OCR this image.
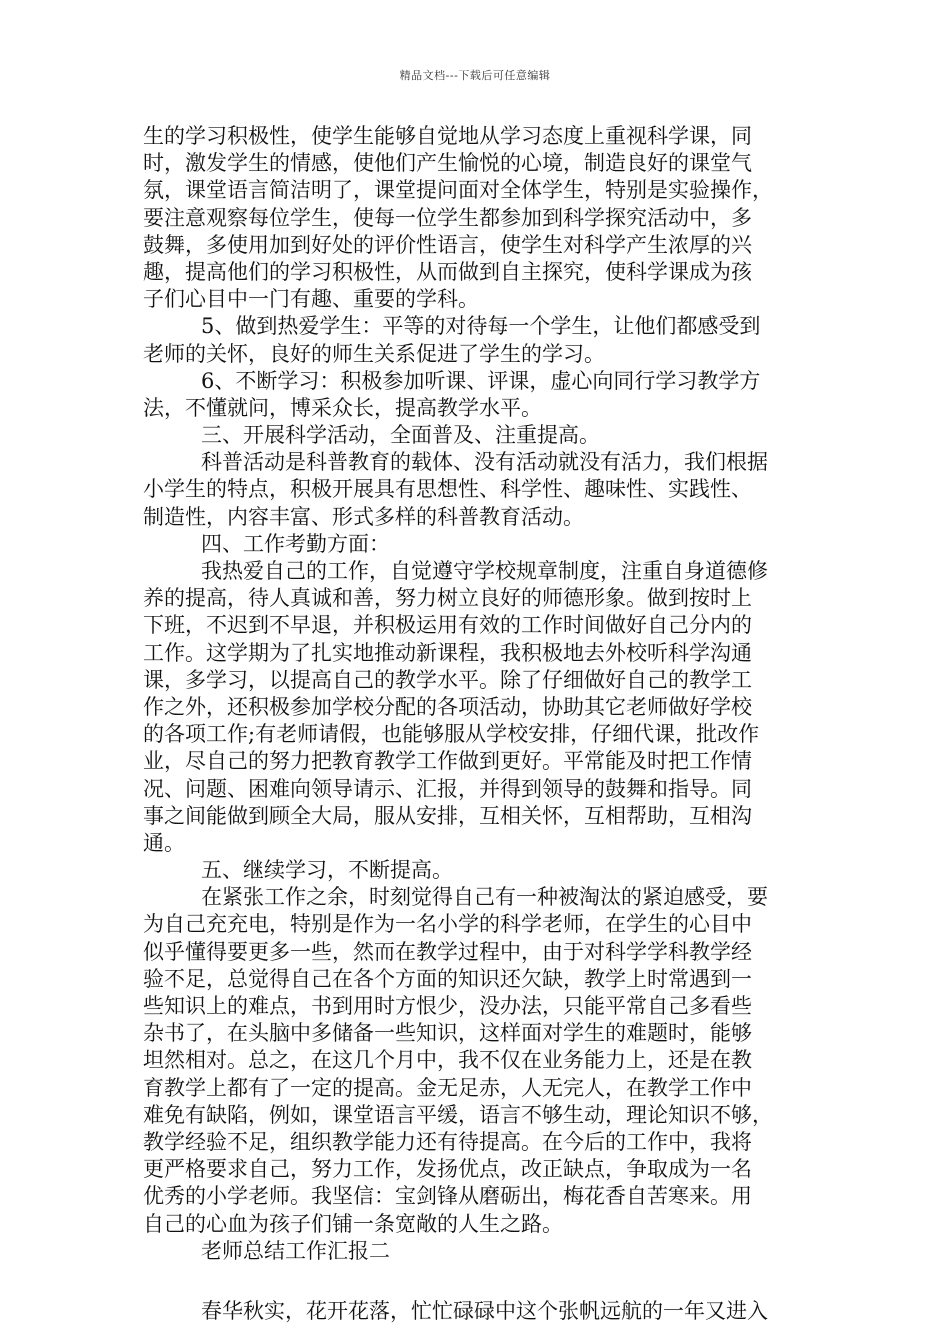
精品文档---下载后可任意编辑
生的学习积极性，使学生能够自觉地从学习态度上重视科学课，同
时，激发学生的情感，使他们产生愉悦的心境，制造良好的课堂气
氛，课堂语言简洁明了，课堂提问面对全体学生，特别是实验操作，
要注意观察每位学生，使每一位学生都参加到科学探究活动中，多
鼓舞，多使用加到好处的评价性语言，使学生对科学产生浓厚的兴
趣，提高他们的学习积极性，从而做到自主探究，使科学课成为孩
子们心目中一门有趣、重要的学科。
5、做到热爱学生：平等的对待每一个学生，让他们都感受到
老师的关怀，良好的师生关系促进了学生的学习。
6、不断学习：积极参加听课、评课，虚心向同行学习教学方
法，不懂就问，博采众长，提高教学水平。
三、开展科学活动，全面普及、注重提高。
科普活动是科普教育的载体、没有活动就没有活力，我们根据
小学生的特点，积极开展具有思想性、科学性、趣味性、实践性、
制造性，内容丰富、形式多样的科普教育活动。
四、工作考勤方面：
我热爱自己的工作，自觉遵守学校规章制度，注重自身道德修
养的提高，待人真诚和善，努力树立良好的师德形象。做到按时上
下班，不迟到不早退，并积极运用有效的工作时间做好自己分内的
工作。这学期为了扎实地推动新课程，我积极地去外校听科学沟通
课，多学习，以提高自己的教学水平。除了仔细做好自己的教学工
作之外，还积极参加学校分配的各项活动，协助其它老师做好学校
的各项工作;有老师请假，也能够服从学校安排，仔细代课，批改作
业，尽自己的努力把教育教学工作做到更好。平常能及时把工作情
况、问题、困难向领导请示、汇报，并得到领导的鼓舞和指导。同
事之间能做到顾全大局，服从安排，互相关怀，互相帮助，互相沟
通。
五、继续学习，不断提高。
在紧张工作之余，时刻觉得自己有一种被淘汰的紧迫感受，要
为自己充充电，特别是作为一名小学的科学老师，在学生的心目中
似乎懂得要更多一些，然而在教学过程中，由于对科学学科教学经
验不足，总觉得自己在各个方面的知识还欠缺，教学上时常遇到一
些知识上的难点，书到用时方恨少，没办法，只能平常自己多看些
杂书了，在头脑中多储备一些知识，这样面对学生的难题时，能够
坦然相对。总之，在这几个月中，我不仅在业务能力上，还是在教
育教学上都有了一定的提高。金无足赤，人无完人，在教学工作中
难免有缺陷，例如，课堂语言平缓，语言不够生动，理论知识不够，
教学经验不足，组织教学能力还有待提高。在今后的工作中，我将
更严格要求自己，努力工作，发扬优点，改正缺点，争取成为一名
优秀的小学老师。我坚信：宝剑锋从磨砺出，梅花香自苦寒来。用
自己的心血为孩子们铺一条宽敞的人生之路。
老师总结工作汇报二
春华秋实，花开花落，忙忙碌碌中这个张帆远航的一年又进入
